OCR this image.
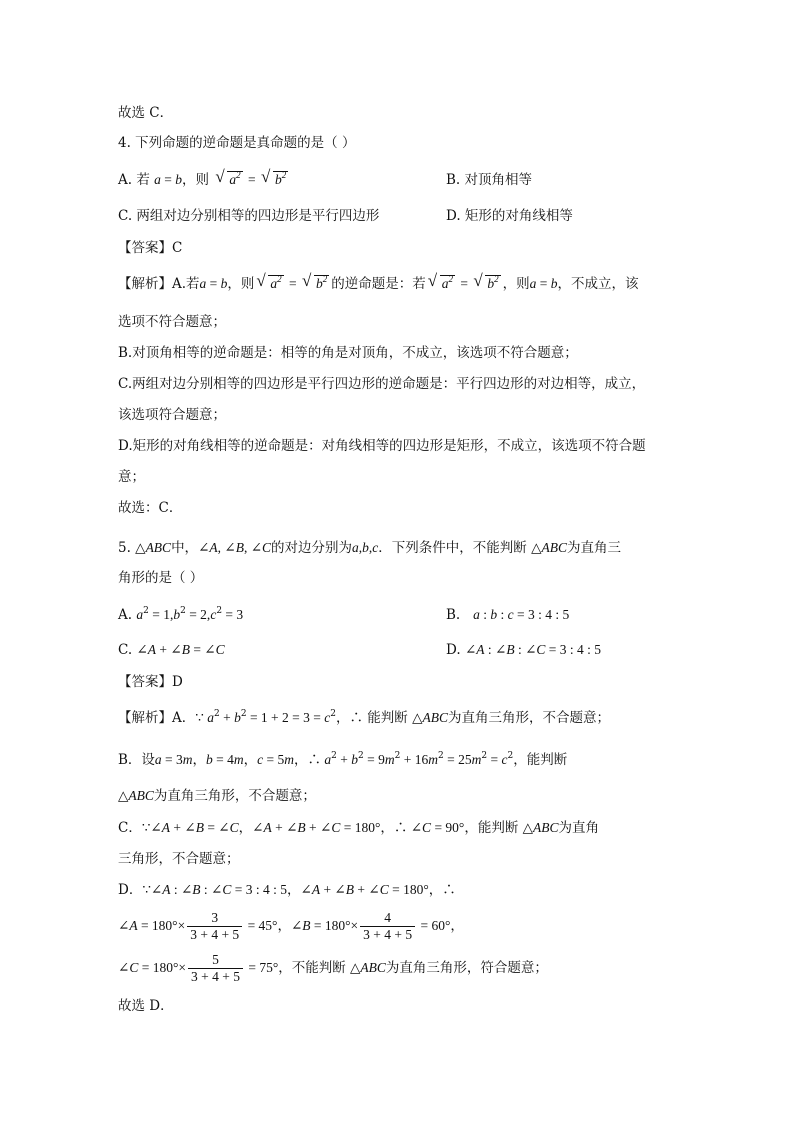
故选 C．
4. 下列命题的逆命题是真命题的是（ ）
A. 若 a = b，则 √ $a^2$ = √ $b^2$	B. 对顶角相等
C. 两组对边分别相等的四边形是平行四边形	D. 矩形的对角线相等
【答案】C
【解析】A.若a = b，则 √ $a^2$ = √ $b^2$ 的逆命题是：若 √ $a^2$ = √ $b^2$ ，则a = b，不成立，该
选项不符合题意；
B.对顶角相等的逆命题是：相等的角是对顶角，不成立，该选项不符合题意；
C.两组对边分别相等的四边形是平行四边形的逆命题是：平行四边形的对边相等，成立，
该选项符合题意；
D.矩形的对角线相等的逆命题是：对角线相等的四边形是矩形，不成立，该选项不符合题
意；
故选：C．
5. △ABC中，∠A, ∠B, ∠C的对边分别为a,b,c．下列条件中，不能判断 △ABC为直角三
角形的是（ ）
A. $a^2 = 1,b^2 = 2,c^2 = 3$	B. a : b : c = 3 : 4 : 5
C. ∠A + ∠B = ∠C	D. ∠A : ∠B : ∠C = 3 : 4 : 5
【答案】D
【解析】A．∵ $a^2 + b^2 = 1 + 2 = 3 = c^2$，∴ 能判断 △ABC为直角三角形，不合题意；
B．设a = 3m，b = 4m，c = 5m，∴ $a^2 + b^2 = 9m^2 + 16m^2 = 25m^2 = c^2$，能判断
△ABC为直角三角形，不合题意；
C．∵∠A + ∠B = ∠C，∠A + ∠B + ∠C = 180°，∴ ∠C = 90°，能判断 △ABC为直角
三角形，不合题意；
D．∵∠A : ∠B : ∠C = 3 : 4 : 5，∠A + ∠B + ∠C = 180°，∴
∠A = $180^\circ\times \frac{3}{3 + 4 + 5} = 45^\circ$，∠B = $180^\circ\times \frac{4}{3 + 4 + 5} = 60^\circ$，
∠C = $180^\circ\times \frac{5}{3 + 4 + 5} = 75^\circ$，不能判断 △ABC为直角三角形，符合题意；
故选 D．
